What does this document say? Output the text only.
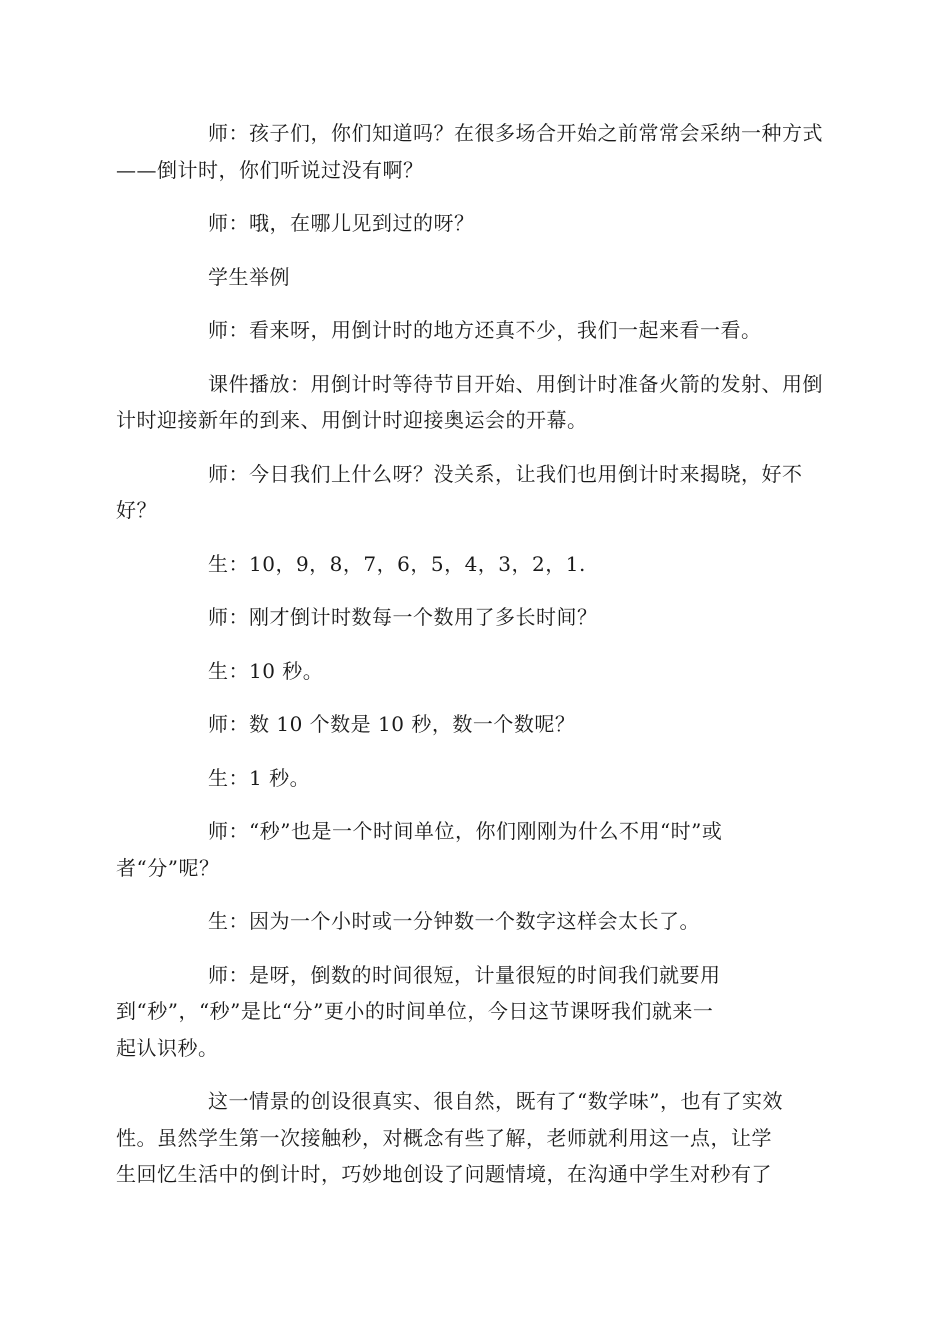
师：孩子们，你们知道吗？在很多场合开始之前常常会采纳一种方式
——倒计时，你们听说过没有啊？

师：哦，在哪儿见到过的呀？

学生举例

师：看来呀，用倒计时的地方还真不少，我们一起来看一看。

课件播放：用倒计时等待节目开始、用倒计时准备火箭的发射、用倒
计时迎接新年的到来、用倒计时迎接奥运会的开幕。

师：今日我们上什么呀？没关系，让我们也用倒计时来揭晓，好不
好？

生：10，9，8，7，6，5，4，3，2，1.

师：刚才倒计时数每一个数用了多长时间？

生：10 秒。

师：数 10 个数是 10 秒，数一个数呢？

生：1 秒。

师：“秒”也是一个时间单位，你们刚刚为什么不用“时”或
者“分”呢？

生：因为一个小时或一分钟数一个数字这样会太长了。

师：是呀，倒数的时间很短，计量很短的时间我们就要用
到“秒”，“秒”是比“分”更小的时间单位，今日这节课呀我们就来一
起认识秒。

这一情景的创设很真实、很自然，既有了“数学味”，也有了实效
性。虽然学生第一次接触秒，对概念有些了解，老师就利用这一点，让学
生回忆生活中的倒计时，巧妙地创设了问题情境，在沟通中学生对秒有了
